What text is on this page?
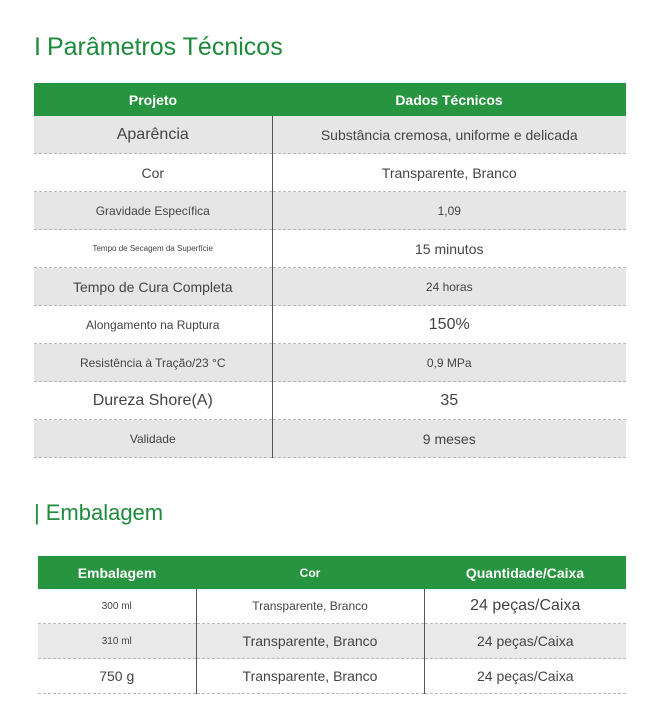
I Parâmetros Técnicos
Projeto	Dados Técnicos
Aparência	Substância cremosa, uniforme e delicada
Cor	Transparente, Branco
Gravidade Específica	1,09
Tempo de Secagem da Superfície	15 minutos
Tempo de Cura Completa	24 horas
Alongamento na Ruptura	150%
Resistência à Tração/23 °C	0,9 MPa
Dureza Shore(A)	35
Validade	9 meses
| Embalagem
Embalagem	Cor	Quantidade/Caixa
300 ml	Transparente, Branco	24 peças/Caixa
310 ml	Transparente, Branco	24 peças/Caixa
750 g	Transparente, Branco	24 peças/Caixa
